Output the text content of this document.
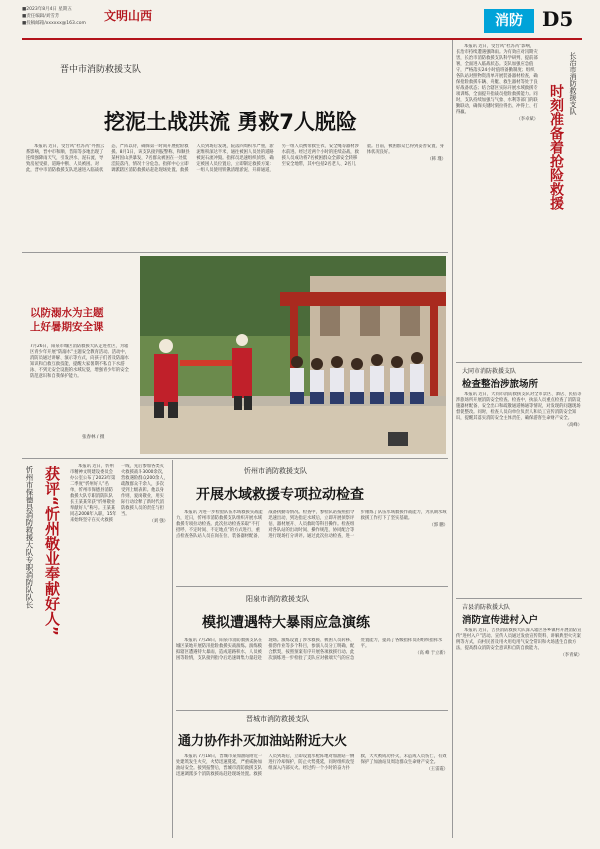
■2023年8月4日 星期五
■责任编辑/刘雪芳
■投稿邮箱/xxxxxx@163.com
文明山西	消防 D5
晋中市消防救援支队
挖泥土战洪流 勇救7人脱险

本报讯 近日，受台风“杜苏芮”外围云系影响，晋中市和顺、昔阳等多地出现了连续强降雨天气，引发洪水、泥石流，导致房屋受损、道路中断、人员被困。对此，晋中市消防救援支队迅速进入临战状态，严阵以待，确保第一时间开展抢险救援。8月1日，该支队接到报警称，和顺县某村因山洪暴发，7名群众被困在一处低洼院落内，情况十分危急。指挥中心立即调派辖区消防救援站赶赴现场处置。救援人员到场后发现，院落四周积水严重，淤泥堆积深达半米，通往被困人员处的道路被泥石流冲毁。指挥员迅速组织侦察，确定被困人员位置后，立即制定救援方案：一组人员使用铁锹清理淤泥、开辟通道，另一组人员携带救生衣、安全绳等器材涉水前进。经过近两个小时的连续奋战，救援人员成功将7名被困群众全部安全转移至安全地带，其中包括2名老人、2名儿童。目前，被困群众已得到妥善安置，身体状况良好。

（韩 瑾）

以防溺水为主题
上好暑期安全课
7月26日，阳泉市城区消防救援大队走进社区，为辖区青少年开展“防溺水”主题安全教育活动。活动中，消防员通过讲解、演示等方式，向孩子们普及防溺水知识和自救互救技能，提醒大家暑期不私自下水游泳、不到无安全设施的水域玩耍，增强青少年的安全防范意识和自我保护能力。
张春林 / 摄
忻州市保德县消防救援大队专职消防队队长 获评“忻州敬业奉献好人”	本报讯 近日，忻州市精神文明建设委员会办公室公布了2023年第二季度“忻州好人”名单，忻州市保德县消防救援大队专职消防队队长王某某荣获“忻州敬业奉献好人”称号。王某某同志2008年入职，15年来始终坚守在灭火救援一线，先后参加各类灭火救援战斗3000余次，营救遇险群众200余人，疏散群众千余人，多次受到上级表彰。他以身作则、爱岗敬业，用实际行动诠释了新时代消防救援人员的责任与担当。

（刘 强）

忻州市消防救援支队
开展水域救援专项拉动检查

本报讯 为进一步检验队伍水域救援实战能力，近日，忻州市消防救援支队组织开展水域救援专项拉动检查。此次拉动检查采取“不打招呼、不定时间、不定地点”的方式进行，重点检查各队站人员在岗在位、装备器材配备、战备执勤等情况。检查中，参检队站按照指令迅速出动，到达指定水域后，立即开展侦察评估、器材展开、人员救助等科目操作。检查组对各队站的出动时间、操作规范、协同配合等进行现场打分讲评。通过此次拉动检查，进一步锤炼了队伍水域救援作战能力，为汛期水域救援工作打下了坚实基础。

（郭 鹏）

阳泉市消防救援支队
模拟遭遇特大暴雨应急演练

本报讯 7月28日，阳泉市消防救援支队在城区某地开展防汛抢险救援实战演练。演练模拟辖区遭遇特大暴雨，造成道路积水、人员被困等险情，支队接到指令后迅速调集力量赶赴现场。演练设置了涉水救援、被困人员转移、排涝作业等多个科目，参演人员分工明确、配合默契，按照预案有序开展各项救援行动。此次演练进一步检验了支队应对极端天气的应急处置能力，提高了各级指挥员的组织指挥水平。

（高 峰 于立新）

晋城市消防救援支队
通力协作扑灭加油站附近大火

本报讯 7月18日，晋城市某加油站附近一处建筑发生火灾，火势迅速蔓延，严重威胁加油站安全。接到报警后，晋城市消防救援支队迅速调派多个消防救援站赶赴现场处置。救援人员到场后，立即设置水枪阵地对加油站一侧进行冷却保护，防止火势蔓延，同时组织攻坚组深入内部灭火。经过约一个小时的奋力扑救，大火被成功扑灭，未造成人员伤亡，有效保护了加油站及周边群众生命财产安全。

（王雷霞）

本报讯 近日，受台风“杜苏芮”影响，长治市持续遭遇强降雨。为有效应对汛期灾害，长治市消防救援支队科学研判、提前部署，全面进入临战状态。支队加强应急值守，严格落实24小时值班备勤制度；组织各队站对照物资清单开展装备器材检查，确保抢险救援车辆、舟艇、救生器材等处于良好战备状态；结合辖区实际开展水域救援专项训练，全面提升指战员抢险救援能力。同时，支队持续加强与气象、水利等部门的联勤联动，确保关键时刻拉得出、冲得上、打得赢。

（李卓斌） 时刻准备着抢险救援
长治市消防救援支队
大同市消防救援支队
检查整治涉旅场所

本报讯 近日，大同市消防救援支队对全市景区、酒店、民宿等涉旅场所开展消防安全检查。检查中，执法人员重点检查了消防设施器材配备、安全出口和疏散通道畅通等情况，对发现的问题现场督促整改。同时，检查人员向单位负责人和员工宣传消防安全知识，提醒其落实消防安全主体责任，确保游客生命财产安全。

（高峰）

吉县消防救援大队
消防宣传进村入户

本报讯 近日，吉县消防救援大队深入辖区各乡镇村开展消防宣传“进村入户”活动。宣传人员通过发放宣传资料、讲解典型火灾案例等方式，向村民普及用火用电用气安全常识和火场逃生自救方法，提高群众消防安全意识和自防自救能力。

（李青斌）
